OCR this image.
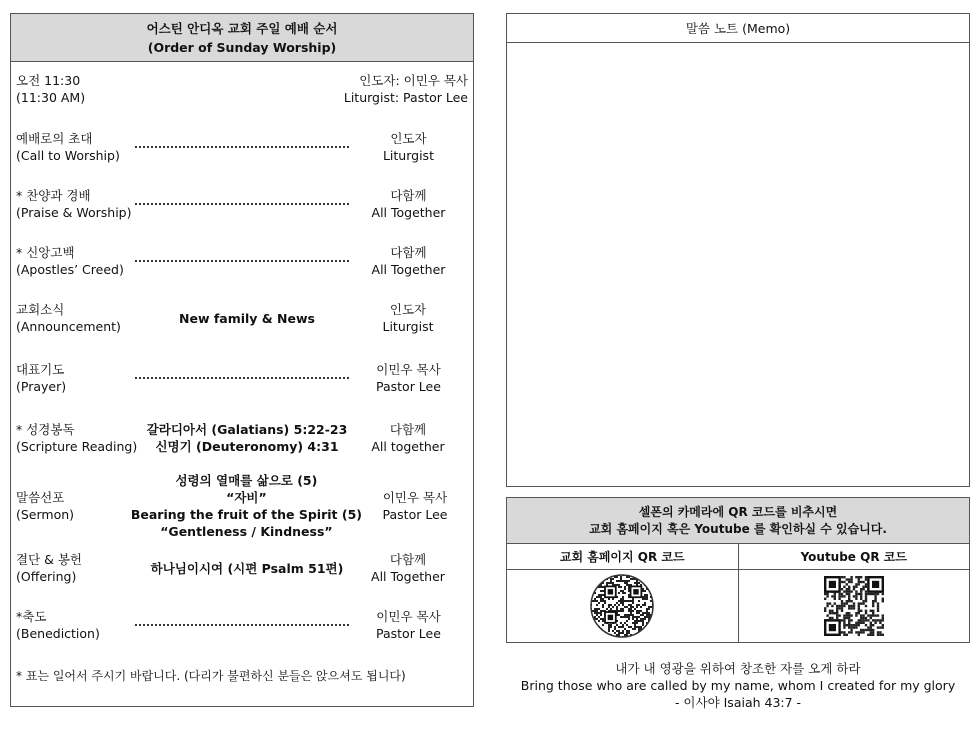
어스틴 안디옥 교회 주일 예배 순서
(Order of Sunday Worship)
오전 11:30
(11:30 AM)
인도자: 이민우 목사
Liturgist: Pastor Lee
예배로의 초대
(Call to Worship)
인도자
Liturgist
* 찬양과 경배
(Praise & Worship)
다함께
All Together
* 신앙고백
(Apostles’ Creed)
다함께
All Together
교회소식
(Announcement)
New family & News
인도자
Liturgist
대표기도
(Prayer)
이민우 목사
Pastor Lee
* 성경봉독
(Scripture Reading)
갈라디아서 (Galatians) 5:22-23
신명기 (Deuteronomy) 4:31
다함께
All together
말씀선포
(Sermon)
성령의 열매를 삶으로 (5)
“자비”
Bearing the fruit of the Spirit (5)
“Gentleness / Kindness”
이민우 목사
Pastor Lee
결단 & 봉헌
(Offering)
하나님이시여 (시편 Psalm 51편)
다함께
All Together
*축도
(Benediction)
이민우 목사
Pastor Lee
* 표는 일어서 주시기 바랍니다. (다리가 불편하신 분들은 앉으셔도 됩니다)
말씀 노트 (Memo)
셀폰의 카메라에 QR 코드를 비추시면
교회 홈페이지 혹은 Youtube 를 확인하실 수 있습니다.
교회 홈페이지 QR 코드	Youtube QR 코드
내가 내 영광을 위하여 창조한 자를 오게 하라
Bring those who are called by my name, whom I created for my glory
- 이사야 Isaiah 43:7 -
